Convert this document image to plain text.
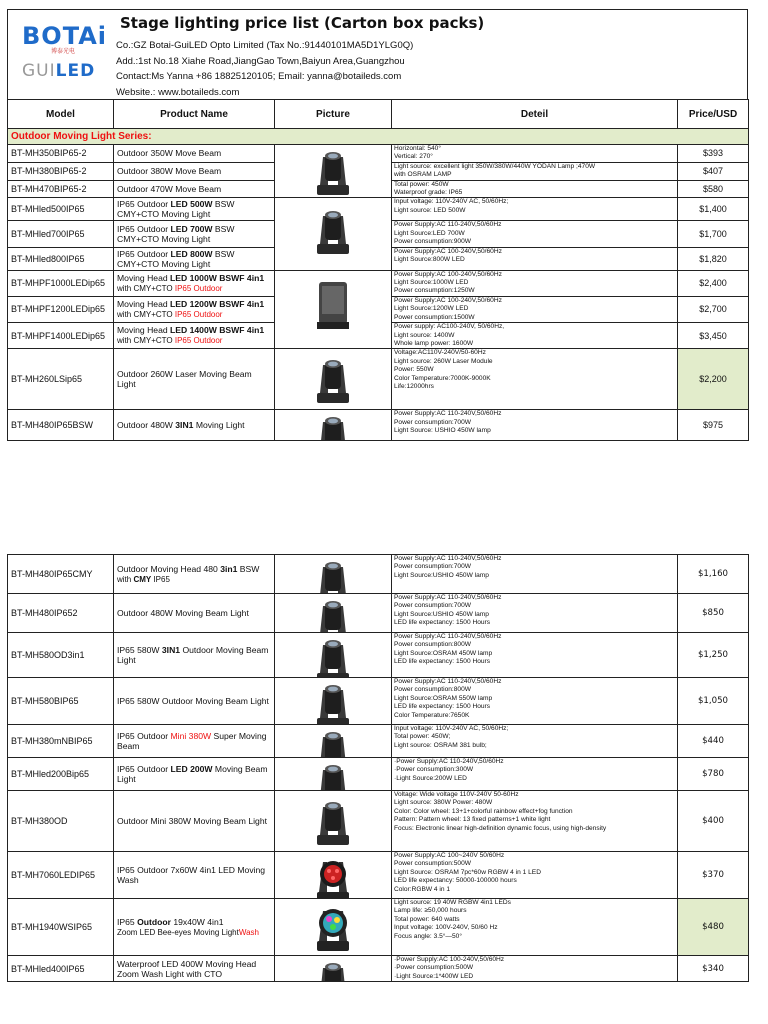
BOTAi
博泰光电
GUILED
Stage lighting price list (Carton box packs)
Co.:GZ Botai-GuiLED Opto Limited (Tax No.:91440101MA5D1YLG0Q)
Add.:1st No.18 Xiahe Road,JiangGao Town,Baiyun Area,Guangzhou
Contact:Ms Yanna +86 18825120105; Email: yanna@botaileds.com
Website.: www.botaileds.com
Model	Product Name	Picture	Deteil	Price/USD
Outdoor Moving Light Series:				
BT-MH350BIP65-2	Outdoor 350W Move Beam		Horizontal: 540°
Vertical: 270°	$393
BT-MH380BIP65-2	Outdoor 380W Move Beam		Light source: excellent light 350W/380W/440W YODAN Lamp ;470W
with OSRAM LAMP	$407
BT-MH470BIP65-2	Outdoor 470W Move Beam		Total power: 450W
Waterproof grade: IP65	$580
BT-MHled500IP65	IP65 Outdoor LED 500W BSW
CMY+CTO Moving Light		Input voltage: 110V-240V AC, 50/60Hz;
Light source: LED 500W	$1,400
BT-MHled700IP65	IP65 Outdoor LED 700W BSW
CMY+CTO Moving Light		Power Supply:AC 110-240V,50/60Hz
Light Source:LED 700W
Power consumption:900W	$1,700
BT-MHled800IP65	IP65 Outdoor LED 800W BSW
CMY+CTO Moving Light		Power Supply:AC 100-240V,50/60Hz
Light Source:800W LED	$1,820
BT-MHPF1000LEDip65	Moving Head LED 1000W BSWF 4in1
with CMY+CTO IP65 Outdoor		Power Supply:AC 100-240V,50/60Hz
Light Source:1000W LED
Power consumption:1250W	$2,400
BT-MHPF1200LEDip65	Moving Head LED 1200W BSWF 4in1
with CMY+CTO IP65 Outdoor		Power Supply:AC 100-240V,50/60Hz
Light Source:1200W LED
Power consumption:1500W	$2,700
BT-MHPF1400LEDip65	Moving Head LED 1400W BSWF 4in1
with CMY+CTO IP65 Outdoor		Power supply: AC100-240V, 50/60Hz,
Light source: 1400W
Whole lamp power: 1600W	$3,450
BT-MH260LSip65	Outdoor 260W Laser Moving Beam
Light		Voltage:AC110V-240V/50-60Hz
Light source: 260W Laser Module
Power: 550W
Color Temperature:7000K-9000K
Life:12000hrs	$2,200
BT-MH480IP65BSW	Outdoor 480W 3IN1 Moving Light		Power Supply:AC 110-240V,50/60Hz
Power consumption:700W
Light Source: USHIO 450W lamp	$975
BT-MH480IP65CMY	Outdoor Moving Head 480 3in1 BSW
with CMY IP65		Power Supply:AC 110-240V,50/60Hz
Power consumption:700W
Light Source:USHIO 450W lamp	$1,160
BT-MH480IP652	Outdoor 480W Moving Beam Light		Power Supply:AC 110-240V,50/60Hz
Power consumption:700W
Light Source:USHIO 450W lamp
LED life expectancy: 1500 Hours	$850
BT-MH580OD3in1	IP65 580W 3IN1 Outdoor Moving Beam
Light		Power Supply:AC 110-240V,50/60Hz
Power consumption:800W
Light Source:OSRAM 450W lamp
LED life expectancy: 1500 Hours	$1,250
BT-MH580BIP65	IP65 580W Outdoor Moving Beam Light		Power Supply:AC 110-240V,50/60Hz
Power consumption:800W
Light Source:OSRAM 550W lamp
LED life expectancy: 1500 Hours
Color Temperature:7650K	$1,050
BT-MH380mNBIP65	IP65 Outdoor Mini 380W Super Moving
Beam		Input voltage: 110V-240V AC, 50/60Hz;
Total power: 450W;
Light source: OSRAM 381 bulb;	$440
BT-MHled200Bip65	IP65 Outdoor LED 200W Moving Beam
Light		·Power Supply:AC 110-240V,50/60Hz
·Power consumption:300W
·Light Source:200W LED	$780
BT-MH380OD	Outdoor Mini 380W Moving Beam Light		Voltage: Wide voltage 110V-240V 50-60Hz
Light source: 380W Power: 480W
Color: Color wheel: 13+1+colorful rainbow effect+fog function
Pattern: Pattern wheel: 13 fixed patterns+1 white light
Focus: Electronic linear high-definition dynamic focus, using high-density	$400
BT-MH7060LEDIP65	IP65 Outdoor 7x60W 4in1 LED Moving
Wash		Power Supply:AC 100~240V 50/60Hz
Power consumption:500W
Light Source: OSRAM 7pc*60w RGBW 4 in 1 LED
LED life expectancy: 50000-100000 hours
Color:RGBW 4 in 1	$370
BT-MH1940WSIP65	IP65 Outdoor 19x40W 4in1
Zoom LED Bee-eyes Moving LightWash		Light source: 19 40W RGBW 4in1 LEDs
Lamp life: ≥50,000 hours
Total power: 640 watts
Input voltage: 100V-240V, 50/60 Hz
Focus angle: 3.5°—50°	$480
BT-MHled400IP65	Waterproof LED 400W Moving Head
Zoom Wash Light with CTO		·Power Supply:AC 100-240V,50/60Hz
·Power consumption:500W
·Light Source:1*400W LED	$340
